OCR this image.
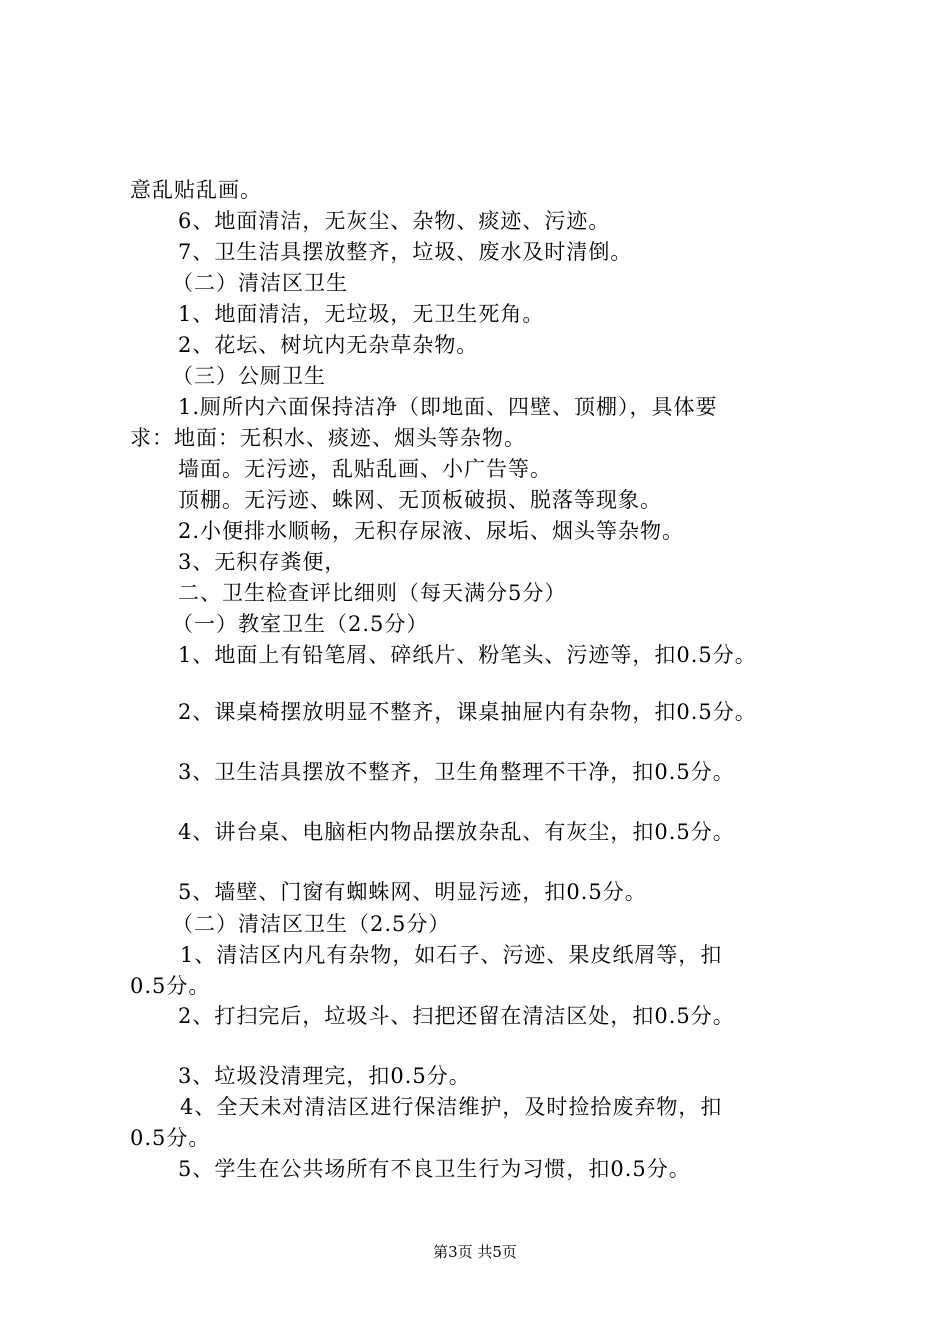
意乱贴乱画。
6、地面清洁，无灰尘、杂物、痰迹、污迹。
7、卫生洁具摆放整齐，垃圾、废水及时清倒。
（二）清洁区卫生
1、地面清洁，无垃圾，无卫生死角。
2、花坛、树坑内无杂草杂物。
（三）公厕卫生
1.厕所内六面保持洁净（即地面、四壁、顶棚），具体要
求：地面：无积水、痰迹、烟头等杂物。
墙面。无污迹，乱贴乱画、小广告等。
顶棚。无污迹、蛛网、无顶板破损、脱落等现象。
2.小便排水顺畅，无积存尿液、尿垢、烟头等杂物。
3、无积存粪便，
二、卫生检查评比细则（每天满分5分）
（一）教室卫生（2.5分）
1、地面上有铅笔屑、碎纸片、粉笔头、污迹等，扣0.5分。
2、课桌椅摆放明显不整齐，课桌抽屉内有杂物，扣0.5分。
3、卫生洁具摆放不整齐，卫生角整理不干净，扣0.5分。
4、讲台桌、电脑柜内物品摆放杂乱、有灰尘，扣0.5分。
5、墙壁、门窗有蜘蛛网、明显污迹，扣0.5分。
（二）清洁区卫生（2.5分）
1、清洁区内凡有杂物，如石子、污迹、果皮纸屑等，扣
0.5分。
2、打扫完后，垃圾斗、扫把还留在清洁区处，扣0.5分。
3、垃圾没清理完，扣0.5分。
4、全天未对清洁区进行保洁维护，及时捡拾废弃物，扣
0.5分。
5、学生在公共场所有不良卫生行为习惯，扣0.5分。
第3页 共5页
